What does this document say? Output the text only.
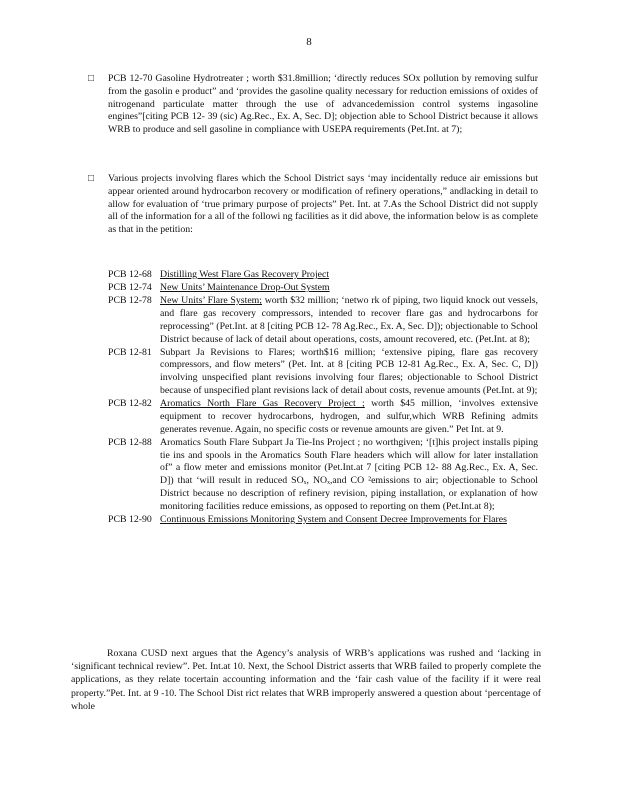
8
□ PCB 12-70 Gasoline Hydrotreater ; worth $31.8million; ‘directly reduces SOx pollution by removing sulfur from the gasolin e product” and ‘provides the gasoline quality necessary for reduction emissions of oxides of nitrogenand particulate matter through the use of advancedemission control systems ingasoline engines”[citing PCB 12- 39 (sic) Ag.Rec., Ex. A, Sec. D]; objection able to School District because it allows WRB to produce and sell gasoline in compliance with USEPA requirements (Pet.Int. at 7);
□ Various projects involving flares which the School District says ‘may incidentally reduce air emissions but appear oriented around hydrocarbon recovery or modification of refinery operations,” andlacking in detail to allow for evaluation of ‘true primary purpose of projects” Pet. Int. at 7.As the School District did not supply all of the information for a all of the followi ng facilities as it did above, the information below is as complete as that in the petition:
PCB 12-68 Distilling West Flare Gas Recovery Project
PCB 12-74 New Units’ Maintenance Drop-Out System
PCB 12-78 New Units’ Flare System; worth $32 million; ‘netwo rk of piping, two liquid knock out vessels, and flare gas recovery compressors, intended to recover flare gas and hydrocarbons for reprocessing” (Pet.Int. at 8 [citing PCB 12- 78 Ag.Rec., Ex. A, Sec. D]); objectionable to School District because of lack of detail about operations, costs, amount recovered, etc. (Pet.Int. at 8);
PCB 12-81 Subpart Ja Revisions to Flares; worth$16 million; ‘extensive piping, flare gas recovery compressors, and flow meters” (Pet. Int. at 8 [citing PCB 12-81 Ag.Rec., Ex. A, Sec. C, D]) involving unspecified plant revisions involving four flares; objectionable to School District because of unspecified plant revisions lack of detail about costs, revenue amounts (Pet.Int. at 9);
PCB 12-82 Aromatics North Flare Gas Recovery Project ; worth $45 million, ‘involves extensive equipment to recover hydrocarbons, hydrogen, and sulfur,which WRB Refining admits generates revenue. Again, no specific costs or revenue amounts are given.” Pet Int. at 9.
PCB 12-88 Aromatics South Flare Subpart Ja Tie-Ins Project ; no worthgiven; ‘[t]his project installs piping tie ins and spools in the Aromatics South Flare headers which will allow for later installation of” a flow meter and emissions monitor (Pet.Int.at 7 [citing PCB 12- 88 Ag.Rec., Ex. A, Sec. D]) that ‘will result in reduced SOₓ, NOₓ,and CO ²emissions to air; objectionable to School District because no description of refinery revision, piping installation, or explanation of how monitoring facilities reduce emissions, as opposed to reporting on them (Pet.Int.at 8);
PCB 12-90 Continuous Emissions Monitoring System and Consent Decree Improvements for Flares
Roxana CUSD next argues that the Agency’s analysis of WRB’s applications was rushed and ‘lacking in ‘significant technical review”. Pet. Int.at 10. Next, the School District asserts that WRB failed to properly complete the applications, as they relate tocertain accounting information and the ‘fair cash value of the facility if it were real property.”Pet. Int. at 9 -10. The School Dist rict relates that WRB improperly answered a question about ‘percentage of whole
